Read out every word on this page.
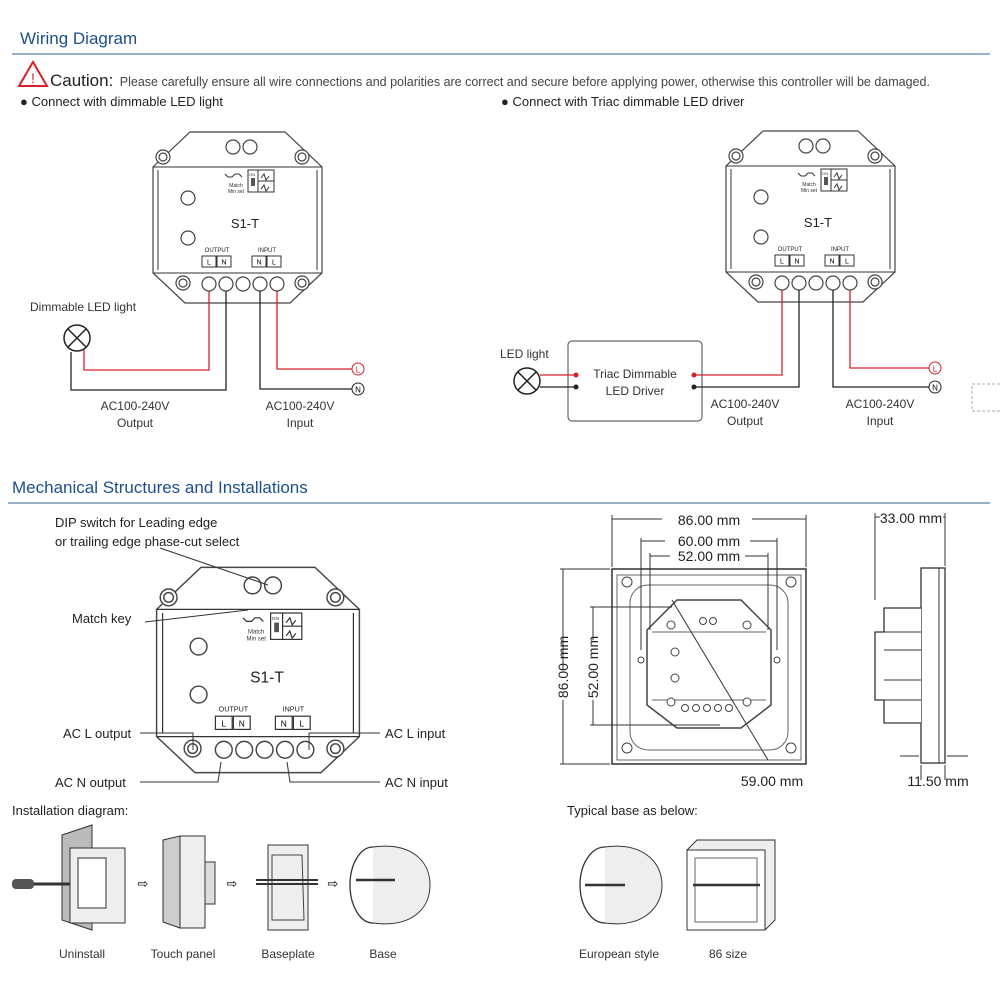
Wiring Diagram
! Caution: Please carefully ensure all wire connections and polarities are correct and secure before applying power, otherwise this controller will be damaged.
● Connect with dimmable LED light	● Connect with Triac dimmable LED driver
Match
Min set
ON
S1-T
OUTPUT	INPUT
L N	N L
Dimmable LED light
L
N
AC100-240V
Output
AC100-240V
Input
Match
Min set
ON
S1-T
OUTPUT	INPUT
L N	N L
Triac Dimmable
LED Driver
LED light
L
N
AC100-240V
Output
AC100-240V
Input
Mechanical Structures and Installations
Match
Min set
ON
S1-T
OUTPUT	INPUT
L N	N L
DIP switch for Leading edge
or trailing edge phase-cut select
Match key
AC L output
AC N output
AC L input
AC N input
86.00 mm
60.00 mm
52.00 mm
86.00 mm 52.00 mm
59.00 mm
33.00 mm
11.50 mm
Installation diagram:
⇨	⇨	⇨
Uninstall	Touch panel	Baseplate	Base
Typical base as below:
European style	86 size
